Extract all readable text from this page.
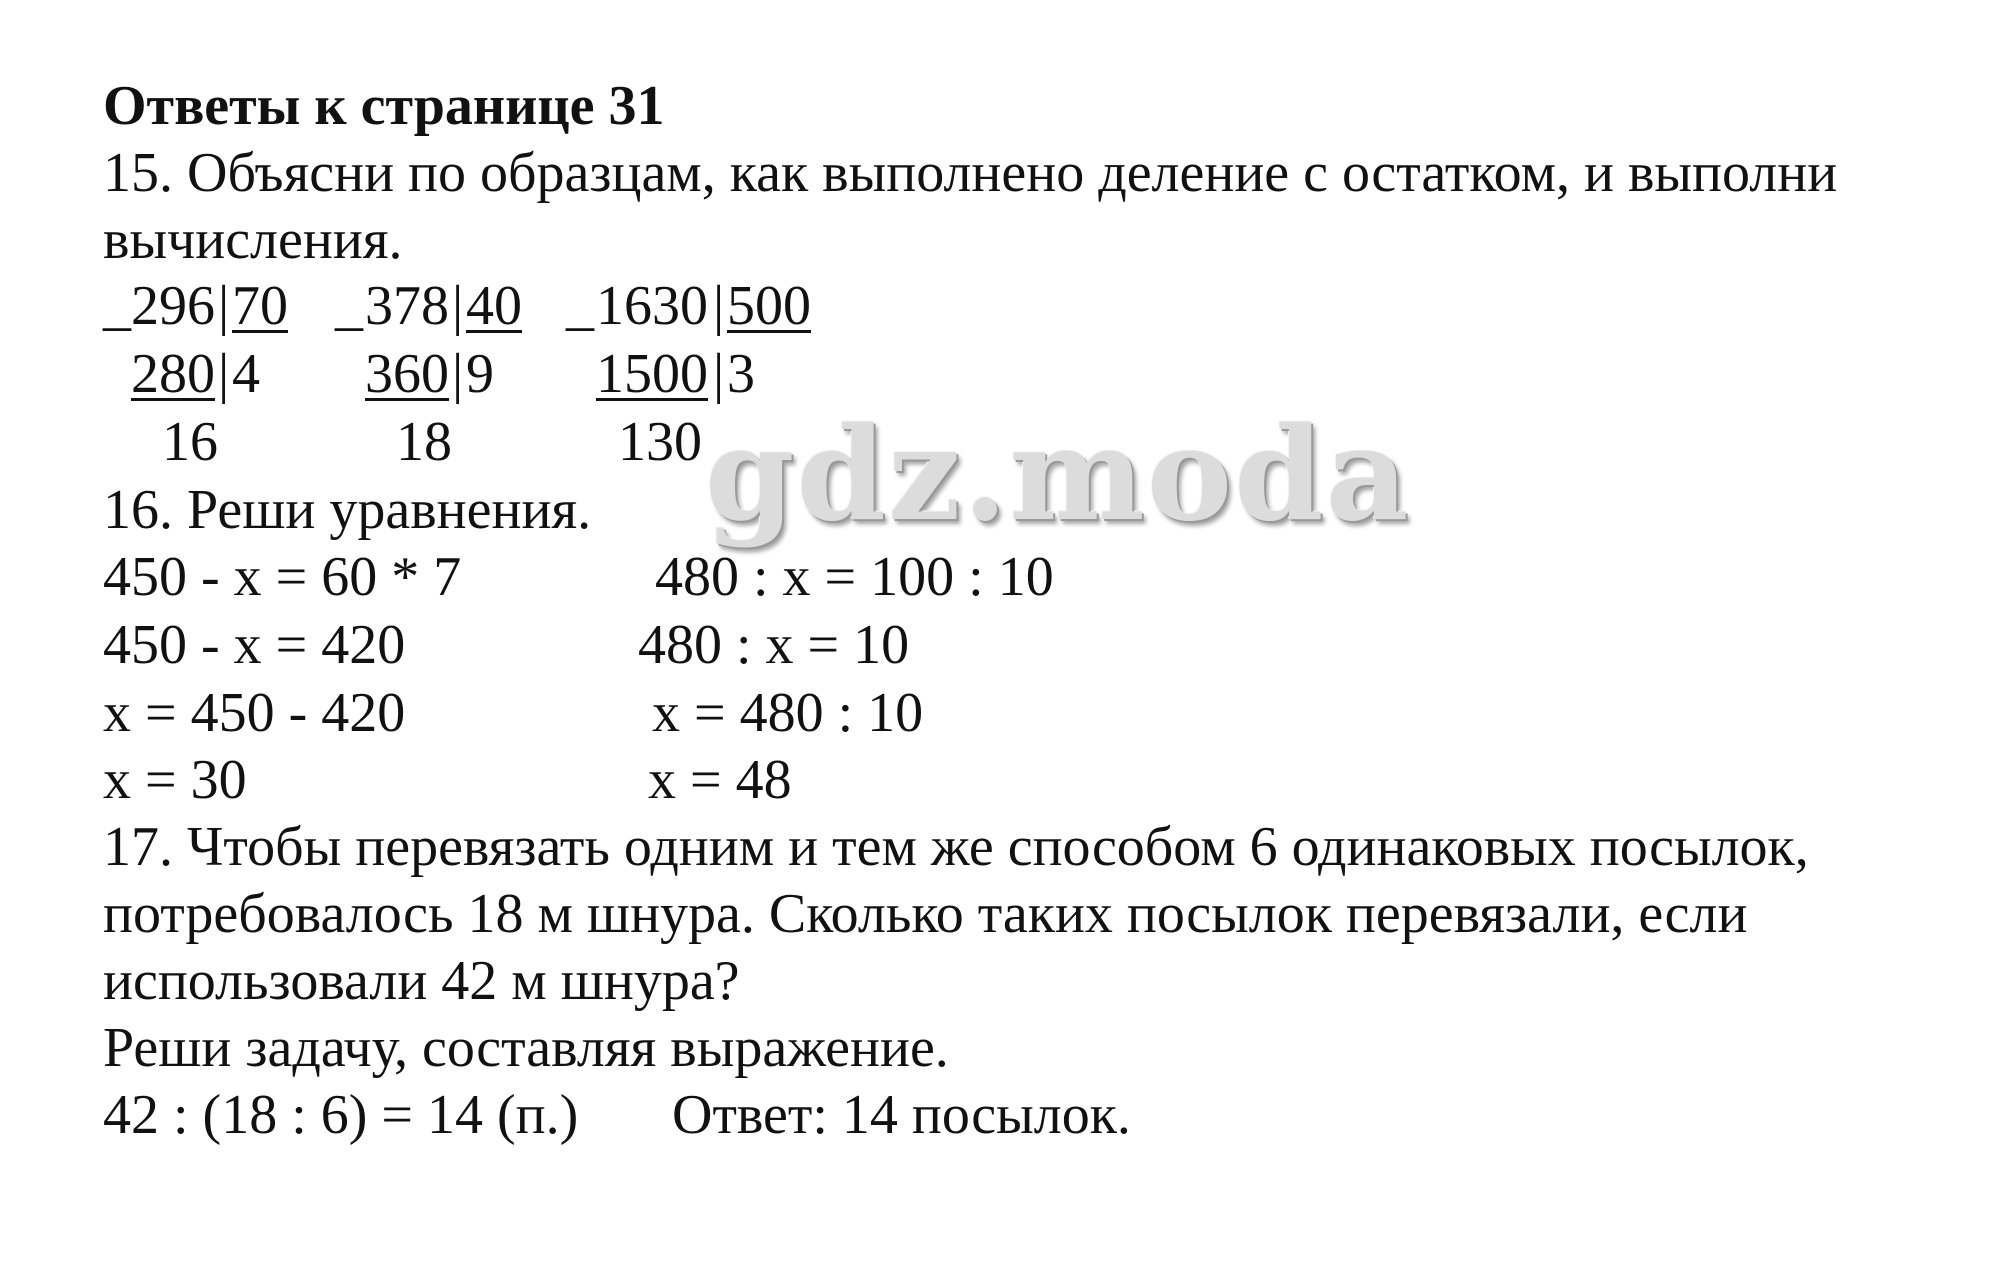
Ответы к странице 31
15. Объясни по образцам, как выполнено деление с остатком, и выполни
вычисления.
_ 296 | 70
280 | 4
16
_ 378 | 40
360 | 9
18
_ 1630 | 500
1500 | 3
130
16. Реши уравнения.
450 - x = 60 * 7
450 - x = 420
x = 450 - 420
x = 30
480 : x = 100 : 10
480 : x = 10
x = 480 : 10
x = 48
17. Чтобы перевязать одним и тем же способом 6 одинаковых посылок,
потребовалось 18 м шнура. Сколько таких посылок перевязали, если
использовали 42 м шнура?
Реши задачу, составляя выражение.
42 : (18 : 6) = 14 (п.) Ответ: 14 посылок.
gdz.moda
